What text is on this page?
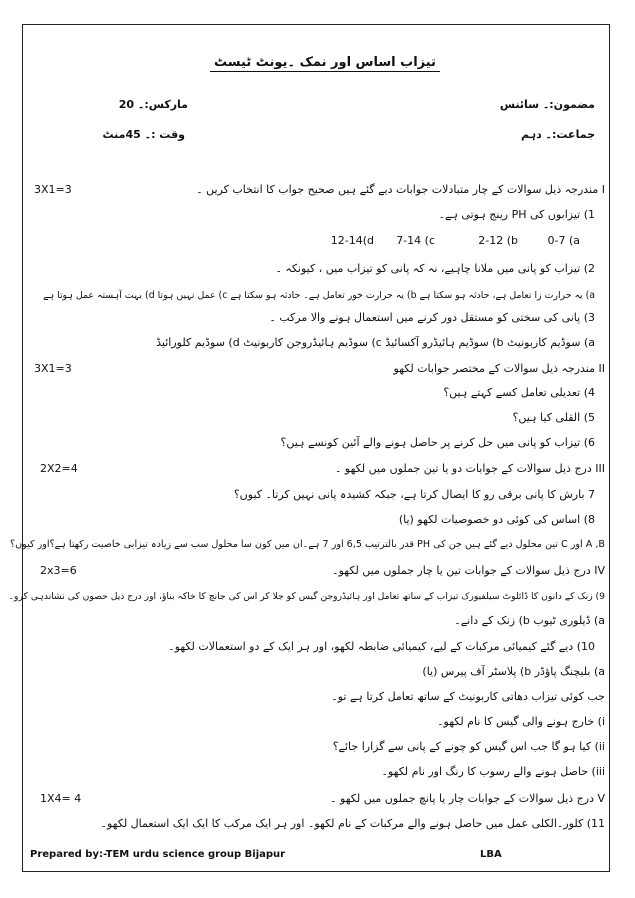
تیزاب اساس اور نمک ۔یونٹ ٹیسٹ
مضمون:۔ سائنس
مارکس:۔ 20
جماعت:۔ دہم
وقت :۔ 45منٹ
3X1=3	I مندرجہ ذیل سوالات کے چار متبادلات جوابات دیے گئے ہیں صحیح جواب کا انتخاب کریں ۔
1) تیزابوں کی PH رینج ہوتی ہے۔
0-7 (a
2-12 (b
7-14 (c
12-14(d
2) تیزاب کو پانی میں ملانا چاہیے، نہ کہ پانی کو تیزاب میں ، کیونکہ ۔
a) یہ حرارت زا تعامل ہے، حادثہ ہو سکتا ہے b) یہ حرارت خور تعامل ہے۔ حادثہ ہو سکتا ہے c) عمل نہیں ہوتا d) بہت آہستہ عمل ہوتا ہے
3) پانی کی سختی کو مستقل دور کرنے میں استعمال ہونے والا مرکب ۔
a) سوڈیم کاربونیٹ b) سوڈیم ہائیڈرو آکسائیڈ c) سوڈیم ہائیڈروجن کاربونیٹ d) سوڈیم کلورائیڈ
3X1=3	II مندرجہ ذیل سوالات کے مختصر جوابات لکھو
4) تعدیلی تعامل کسے کہتے ہیں؟
5) القلی کیا ہیں؟
6) تیزاب کو پانی میں حل کرنے پر حاصل ہونے والے آئین کونسے ہیں؟
2X2=4	III درج ذیل سوالات کے جوابات دو یا تین جملوں میں لکھو ۔
7 بارش کا پانی برقی رو کا ایصال کرتا ہے، جبکہ کشیدہ پانی نہیں کرتا۔ کیوں؟
8) اساس کی کوئی دو خصوصیات لکھو (یا)
A ,B اور C تین محلول دیے گئے ہیں جن کی PH قدر بالترتیب 6,5 اور 7 ہے۔ان میں کون سا محلول سب سے زیادہ تیزابی خاصیت رکھتا ہے؟اور کیوں؟
2x3=6	IV درج ذیل سوالات کے جوابات تین یا چار جملوں میں لکھو۔
9) زنک کے دانوں کا ڈائلوٹ سیلفیورک تیزاب کے ساتھ تعامل اور ہائیڈروجن گیس کو جلا کر اس کی جانچ کا خاکہ بناؤ، اور درج ذیل حصوں کی نشاندہی کرو۔
a) ڈیلوری ٹیوب b) زنک کے دانے۔
10) دیے گئے کیمیائی مرکبات کے لیے، کیمیائی ضابطہ لکھو، اور ہر ایک کے دو استعمالات لکھو۔
a) بلیچنگ پاؤڈر b) پلاسٹر آف پیرس (یا)
جب کوئی تیزاب دھاتی کاربونیٹ کے ساتھ تعامل کرتا ہے تو۔
i) خارج ہونے والی گیس کا نام لکھو۔
ii) کیا ہو گا جب اس گیس کو چونے کے پانی سے گزارا جائے؟
iii) حاصل ہونے والے رسوب کا رنگ اور نام لکھو۔
1X4= 4	V درج ذیل سوالات کے جوابات چار یا پانچ جملوں میں لکھو ۔
11) کلور۔الکلی عمل میں حاصل ہونے والے مرکبات کے نام لکھو۔ اور ہر ایک مرکب کا ایک ایک استعمال لکھو۔
Prepared by:-TEM urdu science group Bijapur	LBA
